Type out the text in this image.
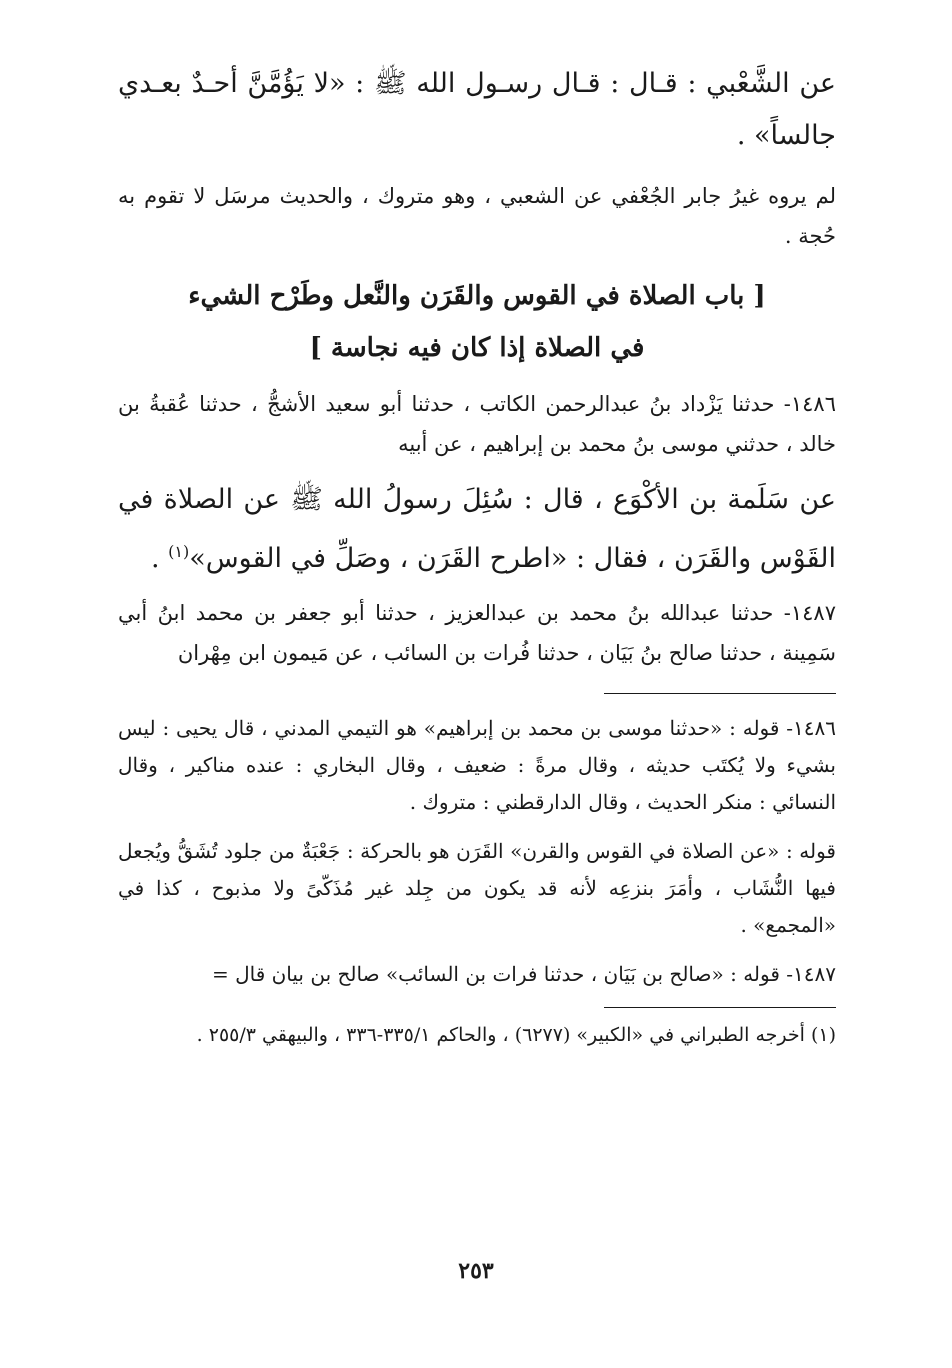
عن الشَّعْبي : قـال : قـال رسـول الله ﷺ : «لا يَؤُمَّنَّ أحـدٌ بعـدي جالساً» .

لم يروه غيرُ جابر الجُعْفي عن الشعبي ، وهو متروك ، والحديث مرسَل لا تقوم به حُجة .

[ باب الصلاة في القوس والقَرَن والنَّعل وطَرْح الشيء

في الصلاة إذا كان فيه نجاسة ]

١٤٨٦- حدثنا يَزْداد بنُ عبدالرحمن الكاتب ، حدثنا أبو سعيد الأشجُّ ، حدثنا عُقبةُ بن خالد ، حدثني موسى بنُ محمد بن إبراهيم ، عن أبيه

عن سَلَمة بن الأكْوَع ، قال : سُئِلَ رسولُ الله ﷺ عن الصلاة في القَوْس والقَرَن ، فقال : «اطرح القَرَن ، وصَلِّ في القوس»$^{(١)}$ .

١٤٨٧- حدثنا عبدالله بنُ محمد بن عبدالعزيز ، حدثنا أبو جعفر بن محمد ابنُ أبي سَمِينة ، حدثنا صالح بنُ بَيَان ، حدثنا فُرات بن السائب ، عن مَيمون ابن مِهْران

١٤٨٦- قوله : «حدثنا موسى بن محمد بن إبراهيم» هو التيمي المدني ، قال يحيى : ليس بشيء ولا يُكتَب حديثه ، وقال مرةً : ضعيف ، وقال البخاري : عنده مناكير ، وقال النسائي : منكر الحديث ، وقال الدارقطني : متروك .

قوله : «عن الصلاة في القوس والقرن» القَرَن هو بالحركة : جَعْبَةٌ من جلود تُشَقُّ ويُجعل فيها النُّشَاب ، وأمَرَ بنزعِه لأنه قد يكون من جِلد غير مُذَكّىً ولا مذبوح ، كذا في «المجمع» .

١٤٨٧- قوله : «صالح بن بَيَان ، حدثنا فرات بن السائب» صالح بن بيان قال =

(١) أخرجه الطبراني في «الكبير» (٦٢٧٧) ، والحاكم ٣٣٥/١-٣٣٦ ، والبيهقي ٢٥٥/٣ .

٢٥٣
